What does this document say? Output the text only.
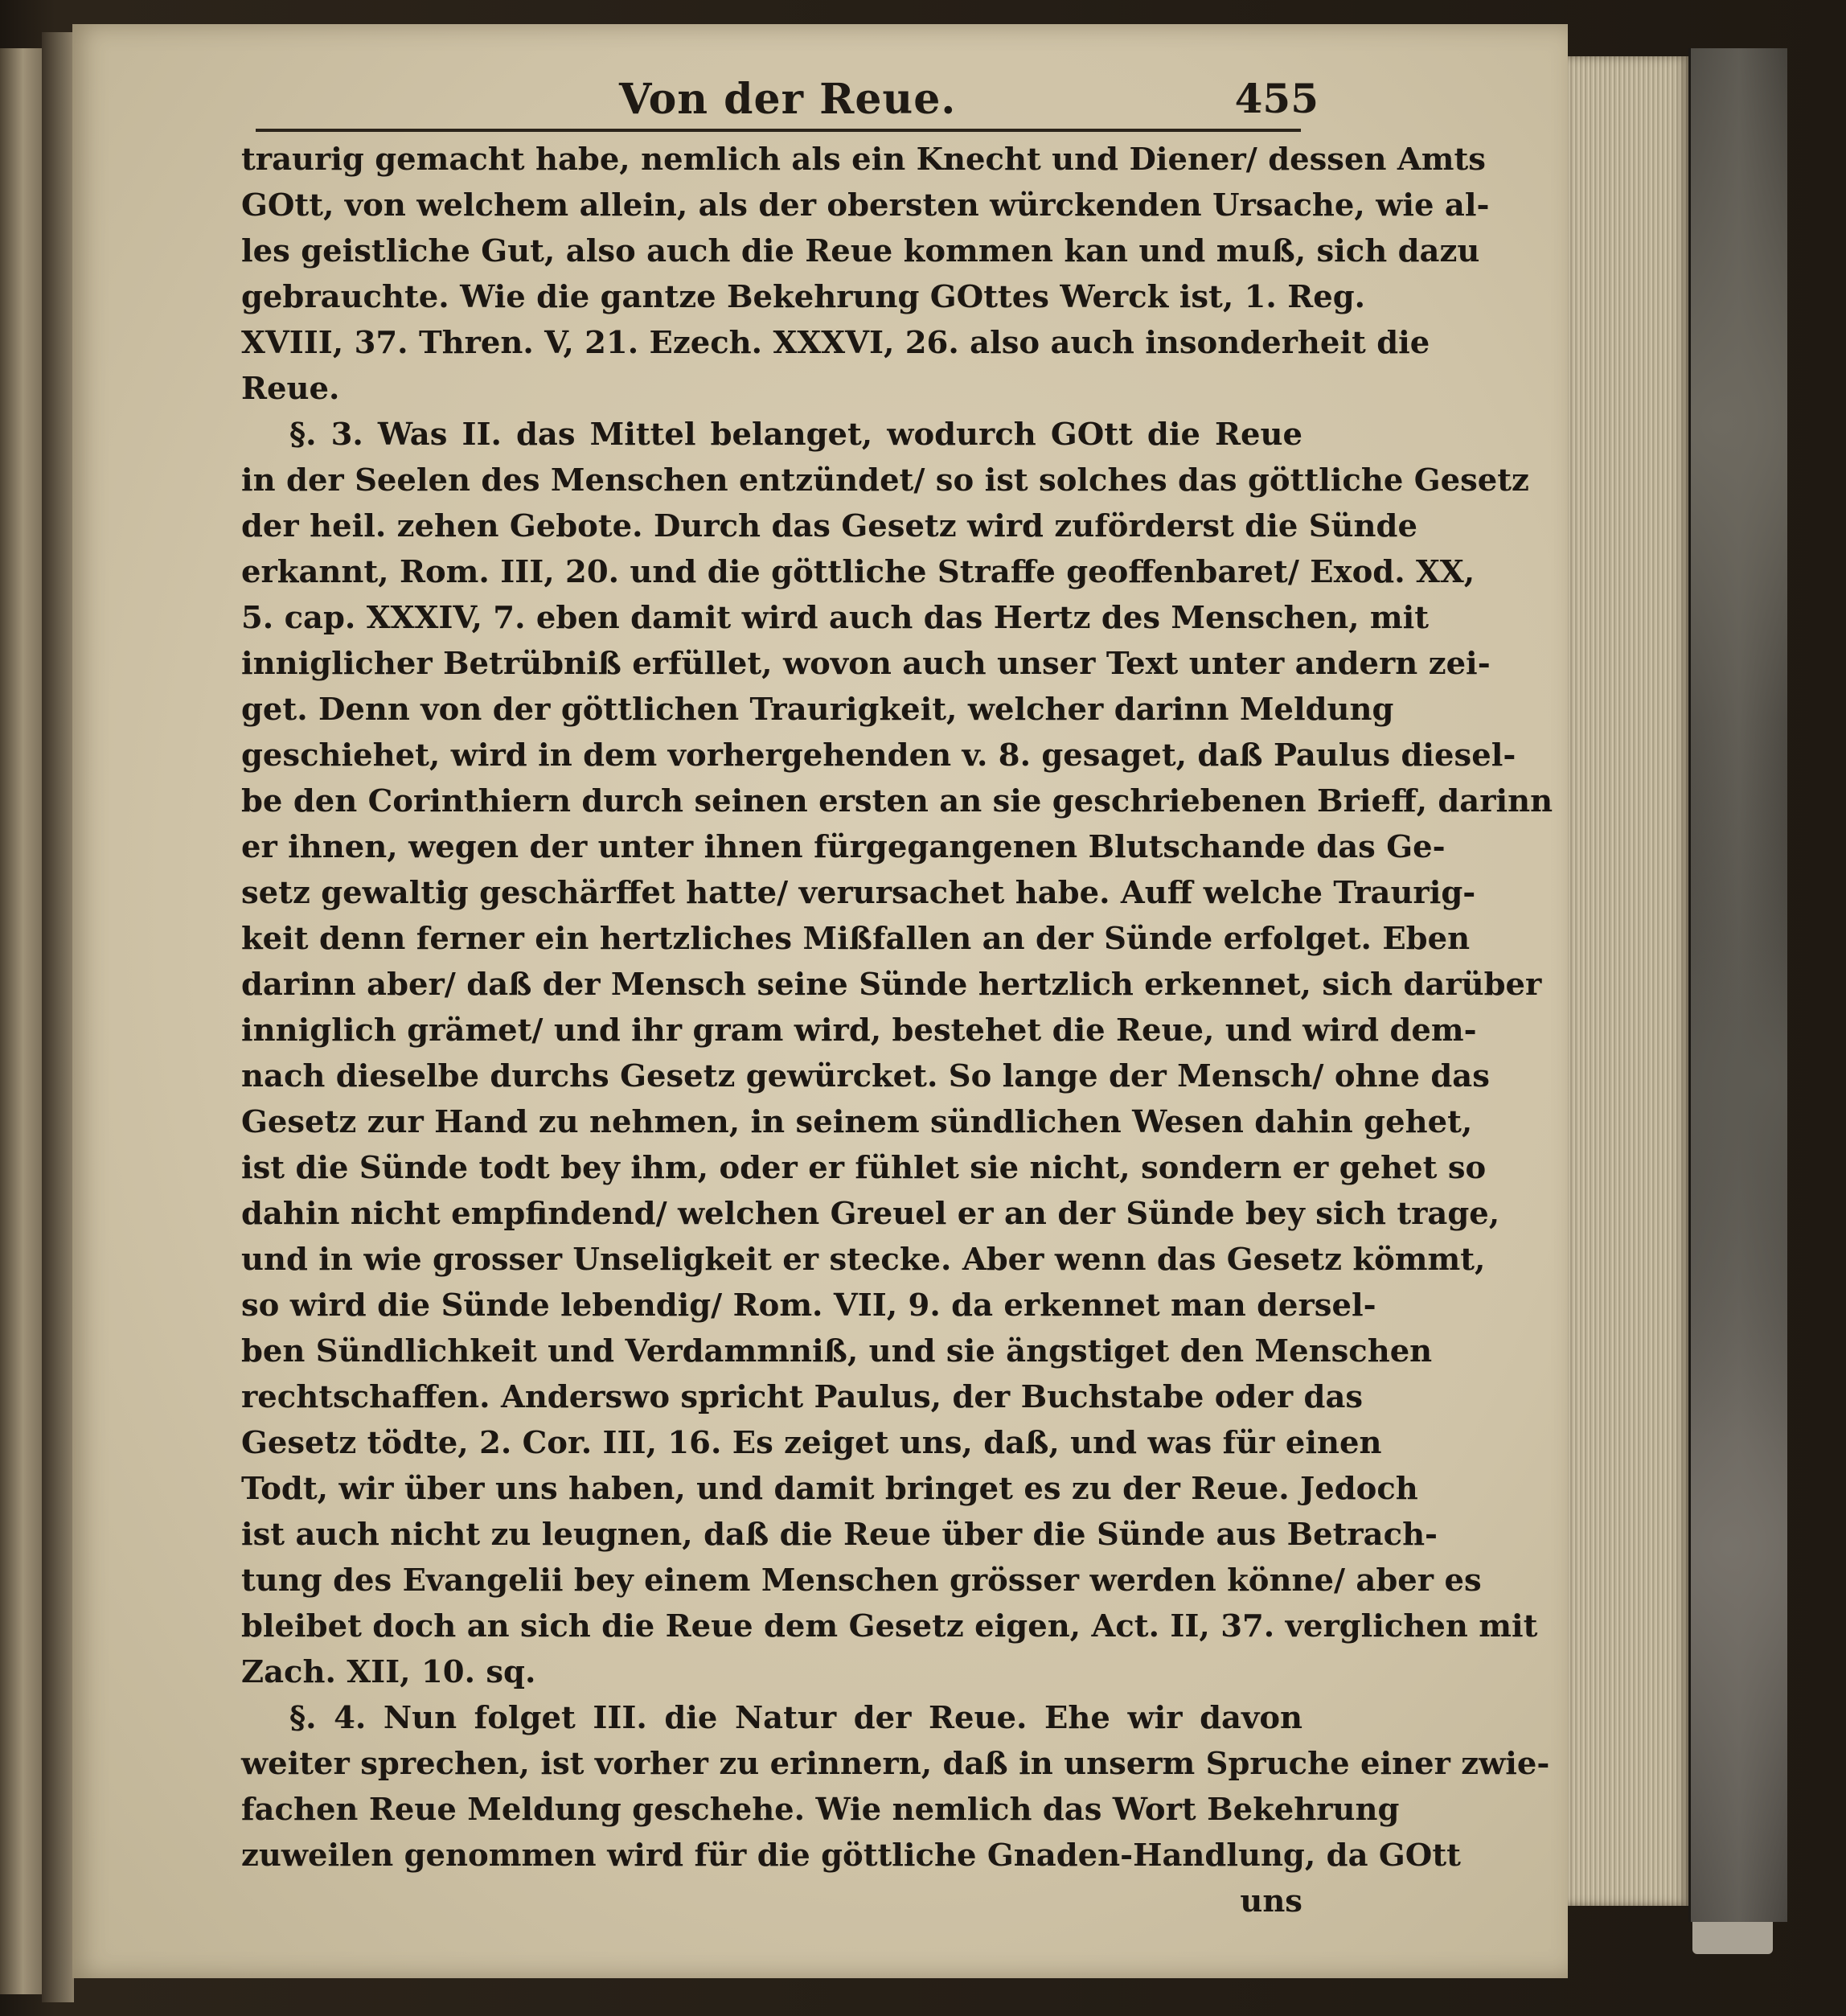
Von der Reue.	455
traurig gemacht habe, nemlich als ein Knecht und Diener/ dessen Amts
GOtt, von welchem allein, als der obersten würckenden Ursache, wie al-
les geistliche Gut, also auch die Reue kommen kan und muß, sich dazu
gebrauchte. Wie die gantze Bekehrung GOttes Werck ist, 1. Reg.
XVIII, 37. Thren. V, 21. Ezech. XXXVI, 26. also auch insonderheit die
Reue.
§. 3. Was II. das Mittel belanget, wodurch GOtt die Reue
in der Seelen des Menschen entzündet/ so ist solches das göttliche Gesetz
der heil. zehen Gebote. Durch das Gesetz wird zuförderst die Sünde
erkannt, Rom. III, 20. und die göttliche Straffe geoffenbaret/ Exod. XX,
5. cap. XXXIV, 7. eben damit wird auch das Hertz des Menschen, mit
inniglicher Betrübniß erfüllet, wovon auch unser Text unter andern zei-
get. Denn von der göttlichen Traurigkeit, welcher darinn Meldung
geschiehet, wird in dem vorhergehenden v. 8. gesaget, daß Paulus diesel-
be den Corinthiern durch seinen ersten an sie geschriebenen Brieff, darinn
er ihnen, wegen der unter ihnen fürgegangenen Blutschande das Ge-
setz gewaltig geschärffet hatte/ verursachet habe. Auff welche Traurig-
keit denn ferner ein hertzliches Mißfallen an der Sünde erfolget. Eben
darinn aber/ daß der Mensch seine Sünde hertzlich erkennet, sich darüber
inniglich grämet/ und ihr gram wird, bestehet die Reue, und wird dem-
nach dieselbe durchs Gesetz gewürcket. So lange der Mensch/ ohne das
Gesetz zur Hand zu nehmen, in seinem sündlichen Wesen dahin gehet,
ist die Sünde todt bey ihm, oder er fühlet sie nicht, sondern er gehet so
dahin nicht empfindend/ welchen Greuel er an der Sünde bey sich trage,
und in wie grosser Unseligkeit er stecke. Aber wenn das Gesetz kömmt,
so wird die Sünde lebendig/ Rom. VII, 9. da erkennet man dersel-
ben Sündlichkeit und Verdammniß, und sie ängstiget den Menschen
rechtschaffen. Anderswo spricht Paulus, der Buchstabe oder das
Gesetz tödte, 2. Cor. III, 16. Es zeiget uns, daß, und was für einen
Todt, wir über uns haben, und damit bringet es zu der Reue. Jedoch
ist auch nicht zu leugnen, daß die Reue über die Sünde aus Betrach-
tung des Evangelii bey einem Menschen grösser werden könne/ aber es
bleibet doch an sich die Reue dem Gesetz eigen, Act. II, 37. verglichen mit
Zach. XII, 10. sq.
§. 4. Nun folget III. die Natur der Reue. Ehe wir davon
weiter sprechen, ist vorher zu erinnern, daß in unserm Spruche einer zwie-
fachen Reue Meldung geschehe. Wie nemlich das Wort Bekehrung
zuweilen genommen wird für die göttliche Gnaden-Handlung, da GOtt
uns
